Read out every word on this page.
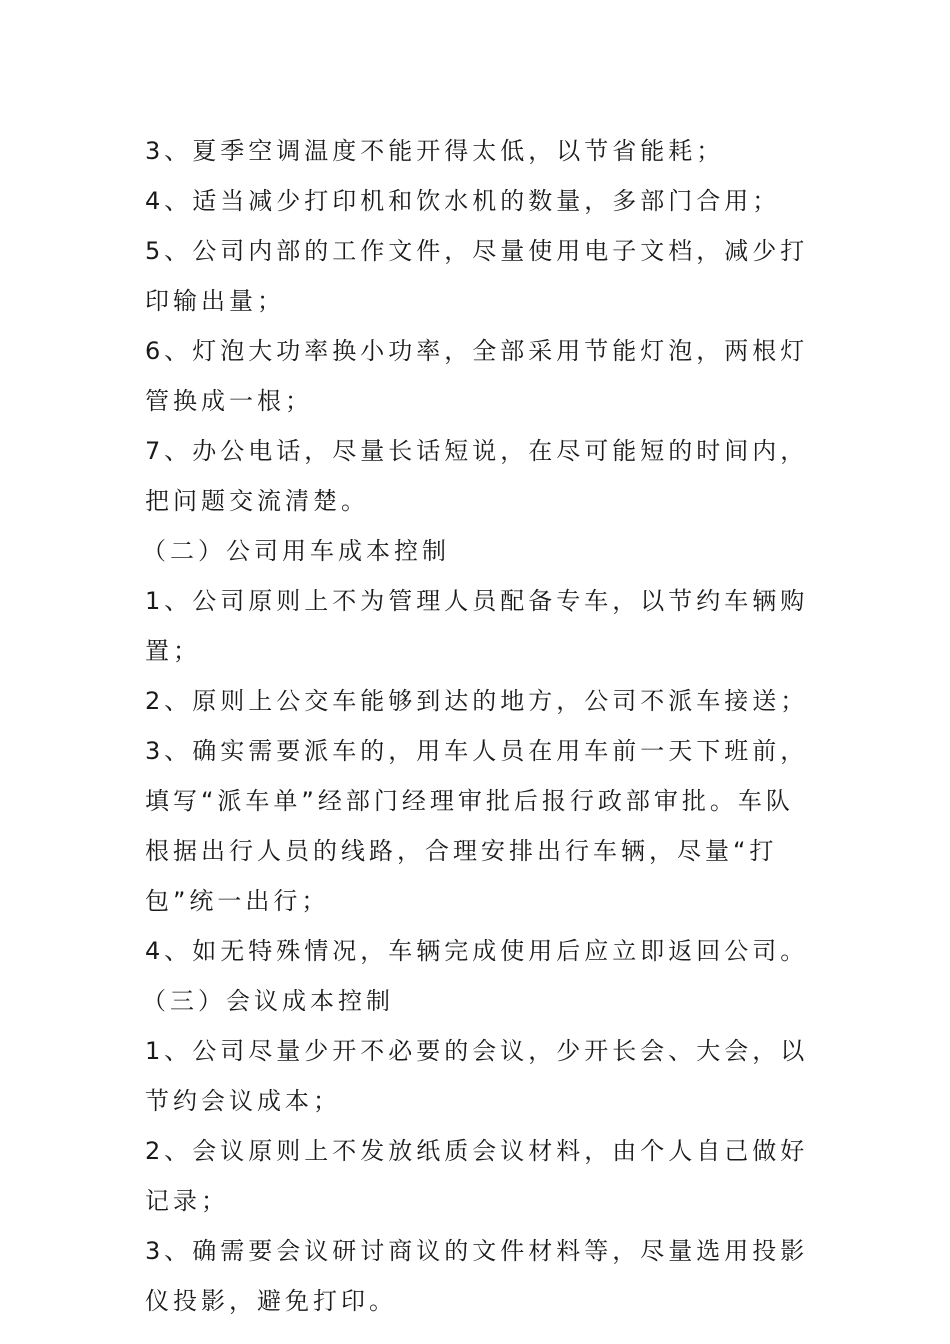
3、夏季空调温度不能开得太低，以节省能耗；

4、适当减少打印机和饮水机的数量，多部门合用；

5、公司内部的工作文件，尽量使用电子文档，减少打印输出量；

6、灯泡大功率换小功率，全部采用节能灯泡，两根灯管换成一根；

7、办公电话，尽量长话短说，在尽可能短的时间内，把问题交流清楚。

（二）公司用车成本控制

1、公司原则上不为管理人员配备专车，以节约车辆购置；

2、原则上公交车能够到达的地方，公司不派车接送；

3、确实需要派车的，用车人员在用车前一天下班前，填写“派车单”经部门经理审批后报行政部审批。车队根据出行人员的线路，合理安排出行车辆，尽量“打包”统一出行；

4、如无特殊情况，车辆完成使用后应立即返回公司。

（三）会议成本控制

1、公司尽量少开不必要的会议，少开长会、大会，以节约会议成本；

2、会议原则上不发放纸质会议材料，由个人自己做好记录；

3、确需要会议研讨商议的文件材料等，尽量选用投影仪投影，避免打印。
